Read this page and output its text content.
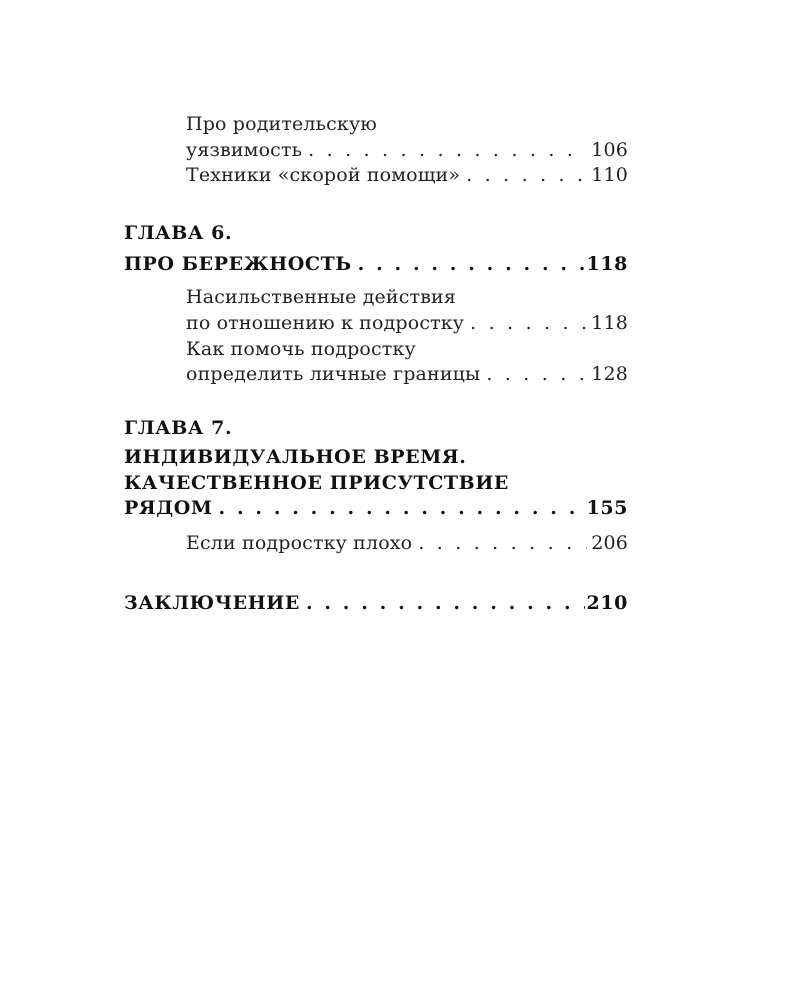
Про родительскую
уязвимость . . .	106
Техники «скорой помощи» . . .	110
ГЛАВА 6.
ПРО БЕРЕЖНОСТЬ . . .	118
Насильственные действия
по отношению к подростку . . .	118
Как помочь подростку
определить личные границы . . .	128
ГЛАВА 7.
ИНДИВИДУАЛЬНОЕ ВРЕМЯ.
КАЧЕСТВЕННОЕ ПРИСУТСТВИЕ
РЯДОМ . . .	155
Если подростку плохо . . .	206
ЗАКЛЮЧЕНИЕ . . .	210
